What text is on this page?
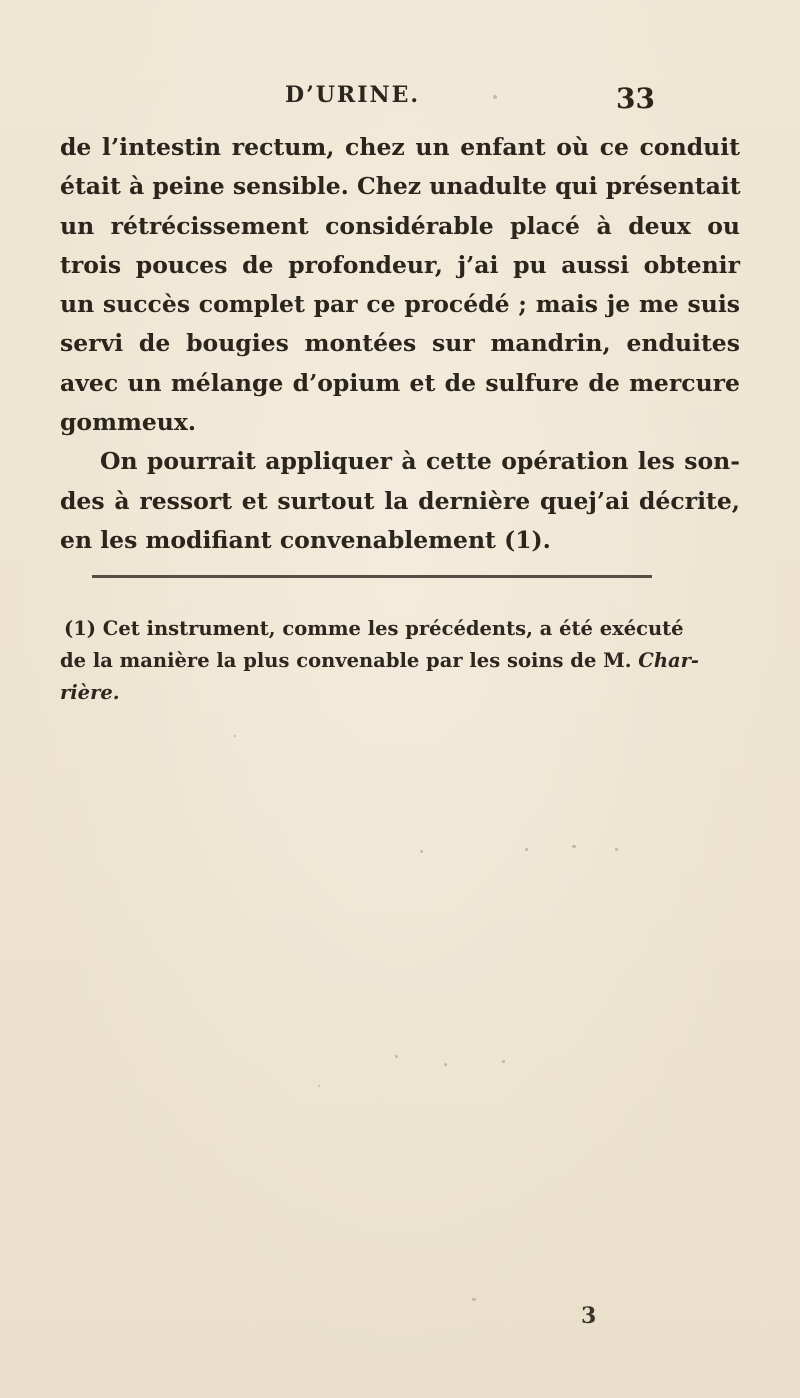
D’URINE.	33
de l’intestin rectum, chez un enfant où ce conduit
était à peine sensible. Chez unadulte qui présentait
un rétrécissement considérable placé à deux ou
trois pouces de profondeur, j’ai pu aussi obtenir
un succès complet par ce procédé ; mais je me suis
servi de bougies montées sur mandrin, enduites
avec un mélange d’opium et de sulfure de mercure
gommeux.
On pourrait appliquer à cette opération les son-
des à ressort et surtout la dernière quej’ai décrite,
en les modifiant convenablement (1).
(1) Cet instrument, comme les précédents, a été exécuté
de la manière la plus convenable par les soins de M. Char-
rière.
3
